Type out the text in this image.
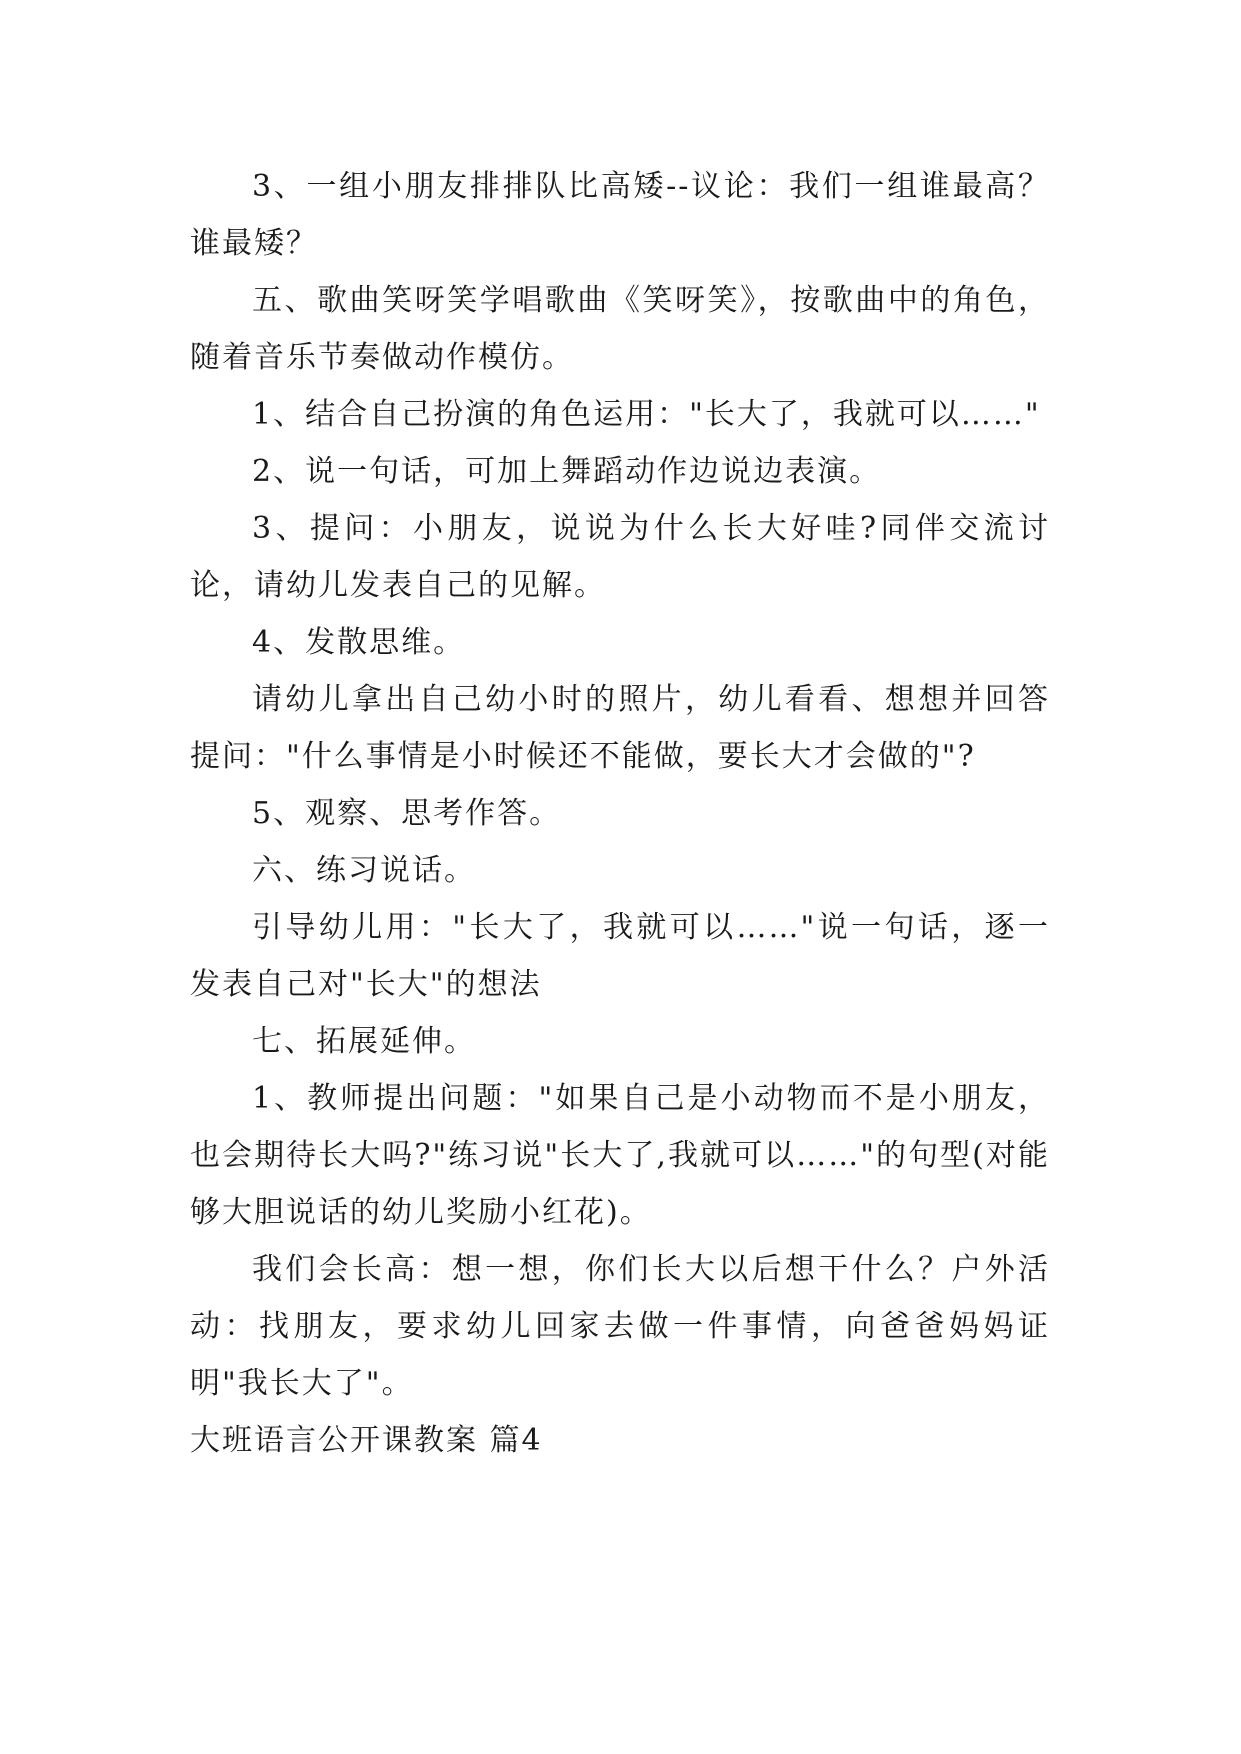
3、一组小朋友排排队比高矮--议论：我们一组谁最高？谁最矮？

五、歌曲笑呀笑学唱歌曲《笑呀笑》，按歌曲中的角色，随着音乐节奏做动作模仿。

1、结合自己扮演的角色运用："长大了，我就可以……"

2、说一句话，可加上舞蹈动作边说边表演。

3、提问：小朋友，说说为什么长大好哇?同伴交流讨论，请幼儿发表自己的见解。

4、发散思维。

请幼儿拿出自己幼小时的照片，幼儿看看、想想并回答提问："什么事情是小时候还不能做，要长大才会做的"?

5、观察、思考作答。

六、练习说话。

引导幼儿用："长大了，我就可以……"说一句话，逐一发表自己对"长大"的想法

七、拓展延伸。

1、教师提出问题："如果自己是小动物而不是小朋友，也会期待长大吗?"练习说"长大了,我就可以……"的句型(对能够大胆说话的幼儿奖励小红花)。

我们会长高：想一想，你们长大以后想干什么？户外活动：找朋友，要求幼儿回家去做一件事情，向爸爸妈妈证明"我长大了"。

大班语言公开课教案 篇4
